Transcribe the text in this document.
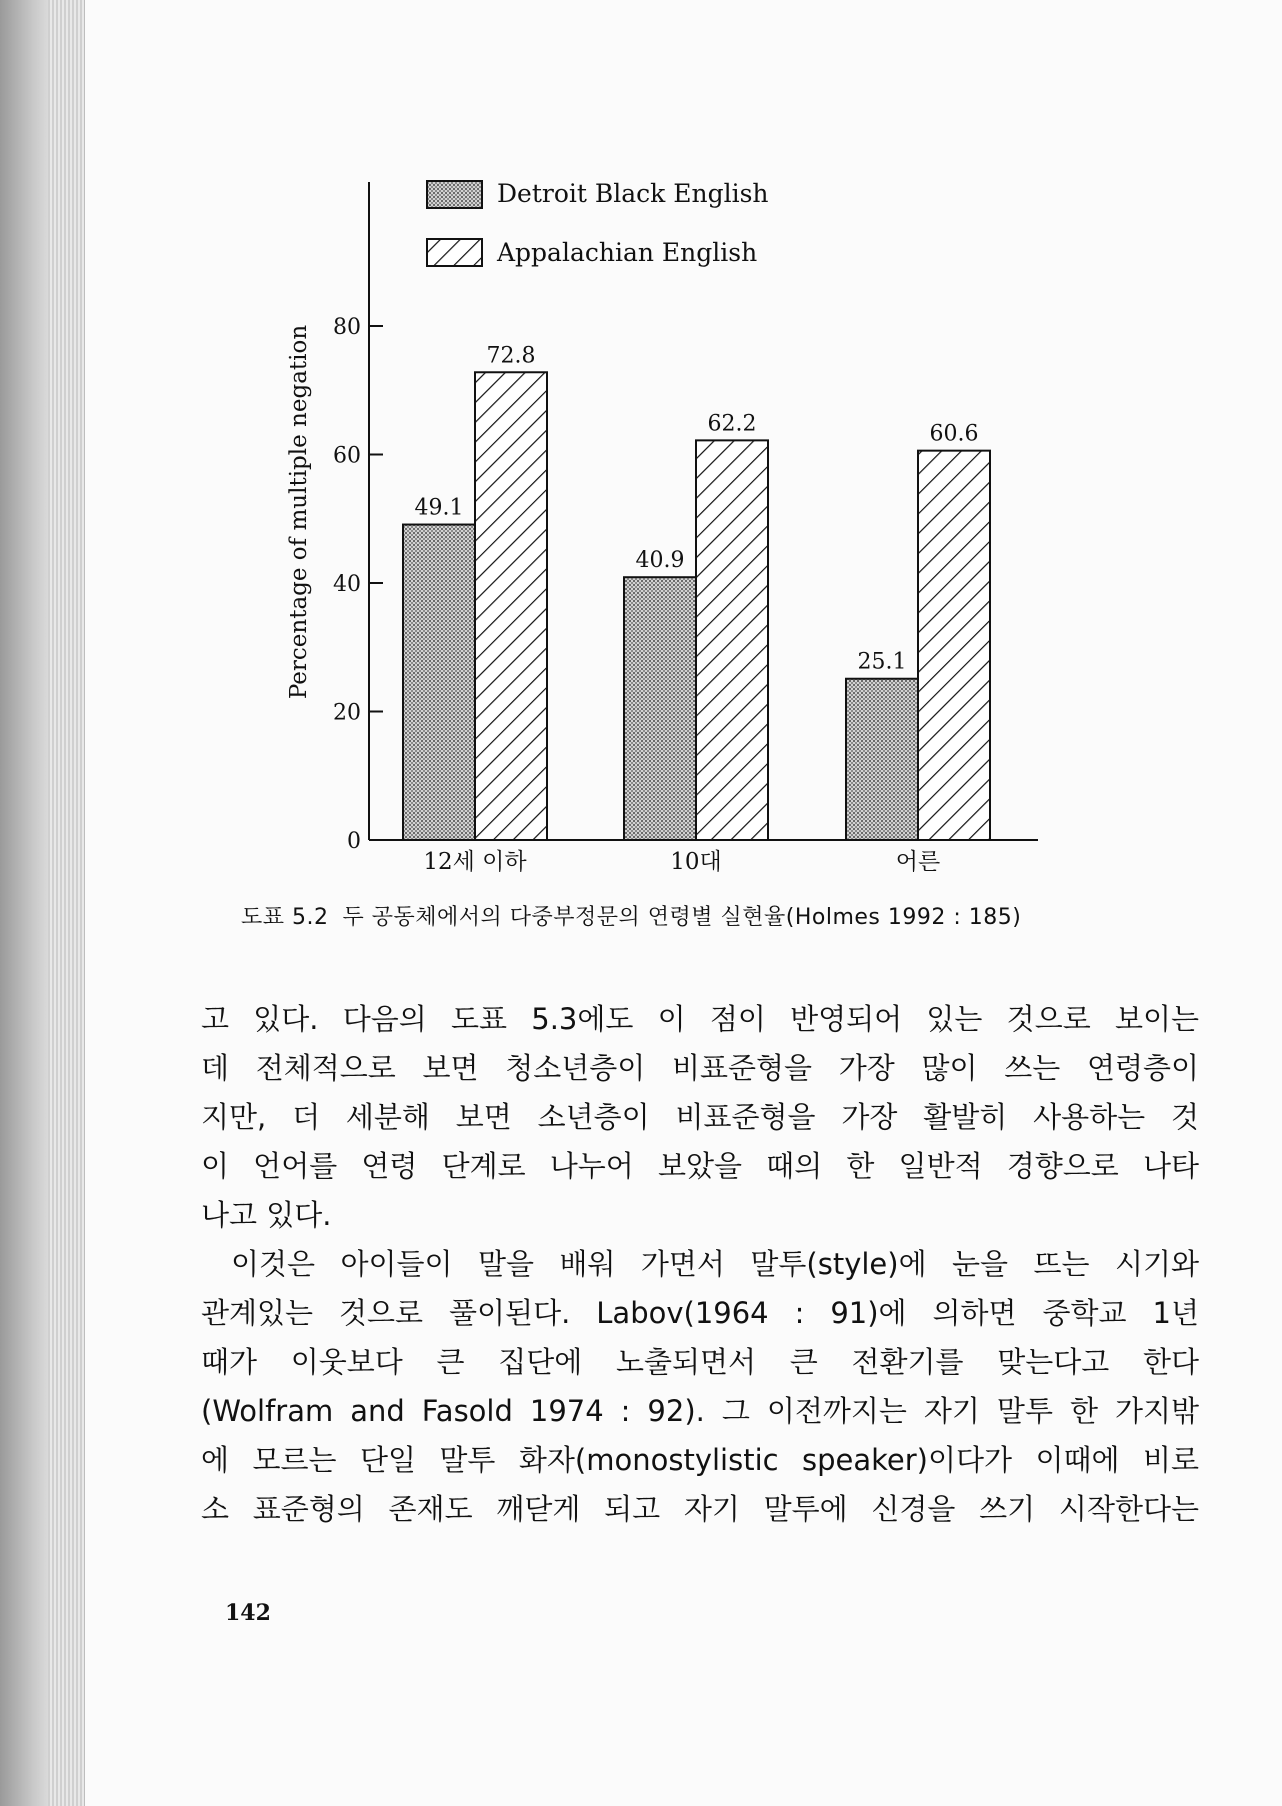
Detroit Black English
Appalachian English
Percentage of multiple negation
0
20
40
60
80
49.1
72.8
40.9
62.2
25.1
60.6
12세 이하	10대	어른
도표 5.2 두 공동체에서의 다중부정문의 연령별 실현율(Holmes 1992 : 185)
고 있다. 다음의 도표 5.3에도 이 점이 반영되어 있는 것으로 보이는
데 전체적으로 보면 청소년층이 비표준형을 가장 많이 쓰는 연령층이
지만, 더 세분해 보면 소년층이 비표준형을 가장 활발히 사용하는 것
이 언어를 연령 단계로 나누어 보았을 때의 한 일반적 경향으로 나타
나고 있다.
이것은 아이들이 말을 배워 가면서 말투(style)에 눈을 뜨는 시기와
관계있는 것으로 풀이된다. Labov(1964 : 91)에 의하면 중학교 1년
때가 이웃보다 큰 집단에 노출되면서 큰 전환기를 맞는다고 한다
(Wolfram and Fasold 1974 : 92). 그 이전까지는 자기 말투 한 가지밖
에 모르는 단일 말투 화자(monostylistic speaker)이다가 이때에 비로
소 표준형의 존재도 깨닫게 되고 자기 말투에 신경을 쓰기 시작한다는
142
